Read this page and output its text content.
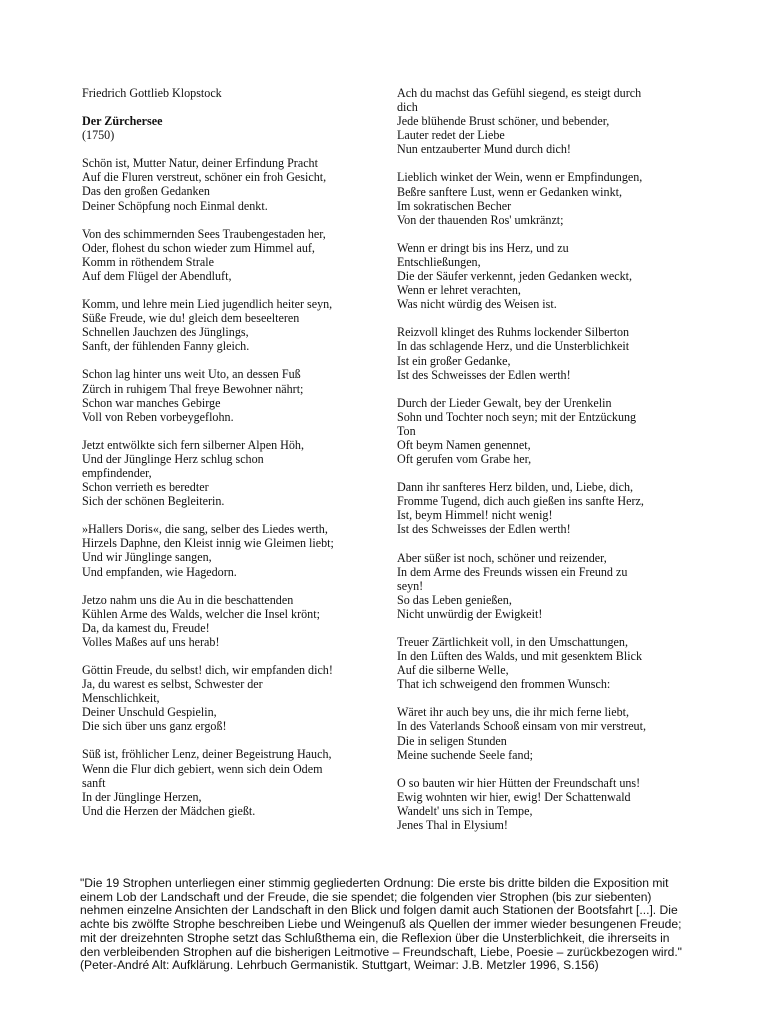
Friedrich Gottlieb Klopstock
Der Zürchersee
(1750)
Schön ist, Mutter Natur, deiner Erfindung Pracht
Auf die Fluren verstreut, schöner ein froh Gesicht,
Das den großen Gedanken
Deiner Schöpfung noch Einmal denkt.
Von des schimmernden Sees Traubengestaden her,
Oder, flohest du schon wieder zum Himmel auf,
Komm in röthendem Strale
Auf dem Flügel der Abendluft,
Komm, und lehre mein Lied jugendlich heiter seyn,
Süße Freude, wie du! gleich dem beseelteren
Schnellen Jauchzen des Jünglings,
Sanft, der fühlenden Fanny gleich.
Schon lag hinter uns weit Uto, an dessen Fuß
Zürch in ruhigem Thal freye Bewohner nährt;
Schon war manches Gebirge
Voll von Reben vorbeygeflohn.
Jetzt entwölkte sich fern silberner Alpen Höh,
Und der Jünglinge Herz schlug schon
empfindender,
Schon verrieth es beredter
Sich der schönen Begleiterin.
»Hallers Doris«, die sang, selber des Liedes werth,
Hirzels Daphne, den Kleist innig wie Gleimen liebt;
Und wir Jünglinge sangen,
Und empfanden, wie Hagedorn.
Jetzo nahm uns die Au in die beschattenden
Kühlen Arme des Walds, welcher die Insel krönt;
Da, da kamest du, Freude!
Volles Maßes auf uns herab!
Göttin Freude, du selbst! dich, wir empfanden dich!
Ja, du warest es selbst, Schwester der
Menschlichkeit,
Deiner Unschuld Gespielin,
Die sich über uns ganz ergoß!
Süß ist, fröhlicher Lenz, deiner Begeistrung Hauch,
Wenn die Flur dich gebiert, wenn sich dein Odem
sanft
In der Jünglinge Herzen,
Und die Herzen der Mädchen gießt.
Ach du machst das Gefühl siegend, es steigt durch
dich
Jede blühende Brust schöner, und bebender,
Lauter redet der Liebe
Nun entzauberter Mund durch dich!
Lieblich winket der Wein, wenn er Empfindungen,
Beßre sanftere Lust, wenn er Gedanken winkt,
Im sokratischen Becher
Von der thauenden Ros' umkränzt;
Wenn er dringt bis ins Herz, und zu
Entschließungen,
Die der Säufer verkennt, jeden Gedanken weckt,
Wenn er lehret verachten,
Was nicht würdig des Weisen ist.
Reizvoll klinget des Ruhms lockender Silberton
In das schlagende Herz, und die Unsterblichkeit
Ist ein großer Gedanke,
Ist des Schweisses der Edlen werth!
Durch der Lieder Gewalt, bey der Urenkelin
Sohn und Tochter noch seyn; mit der Entzückung
Ton
Oft beym Namen genennet,
Oft gerufen vom Grabe her,
Dann ihr sanfteres Herz bilden, und, Liebe, dich,
Fromme Tugend, dich auch gießen ins sanfte Herz,
Ist, beym Himmel! nicht wenig!
Ist des Schweisses der Edlen werth!
Aber süßer ist noch, schöner und reizender,
In dem Arme des Freunds wissen ein Freund zu
seyn!
So das Leben genießen,
Nicht unwürdig der Ewigkeit!
Treuer Zärtlichkeit voll, in den Umschattungen,
In den Lüften des Walds, und mit gesenktem Blick
Auf die silberne Welle,
That ich schweigend den frommen Wunsch:
Wäret ihr auch bey uns, die ihr mich ferne liebt,
In des Vaterlands Schooß einsam von mir verstreut,
Die in seligen Stunden
Meine suchende Seele fand;
O so bauten wir hier Hütten der Freundschaft uns!
Ewig wohnten wir hier, ewig! Der Schattenwald
Wandelt' uns sich in Tempe,
Jenes Thal in Elysium!
"Die 19 Strophen unterliegen einer stimmig gegliederten Ordnung: Die erste bis dritte bilden die Exposition mit
einem Lob der Landschaft und der Freude, die sie spendet; die folgenden vier Strophen (bis zur siebenten)
nehmen einzelne Ansichten der Landschaft in den Blick und folgen damit auch Stationen der Bootsfahrt [...]. Die
achte bis zwölfte Strophe beschreiben Liebe und Weingenuß als Quellen der immer wieder besungenen Freude;
mit der dreizehnten Strophe setzt das Schlußthema ein, die Reflexion über die Unsterblichkeit, die ihrerseits in
den verbleibenden Strophen auf die bisherigen Leitmotive – Freundschaft, Liebe, Poesie – zurückbezogen wird."
(Peter-André Alt: Aufklärung. Lehrbuch Germanistik. Stuttgart, Weimar: J.B. Metzler 1996, S.156)
